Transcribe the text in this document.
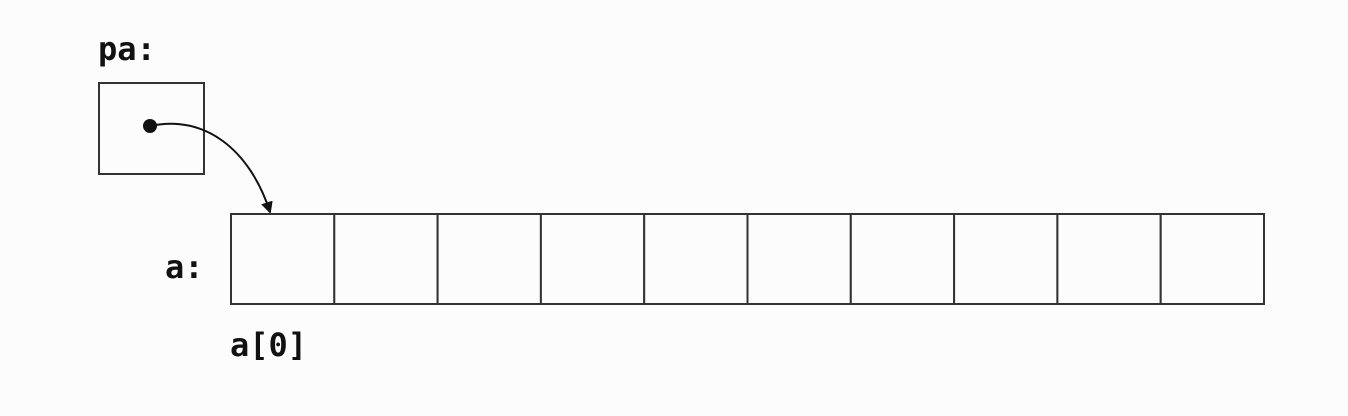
pa:
a:
a[0]
